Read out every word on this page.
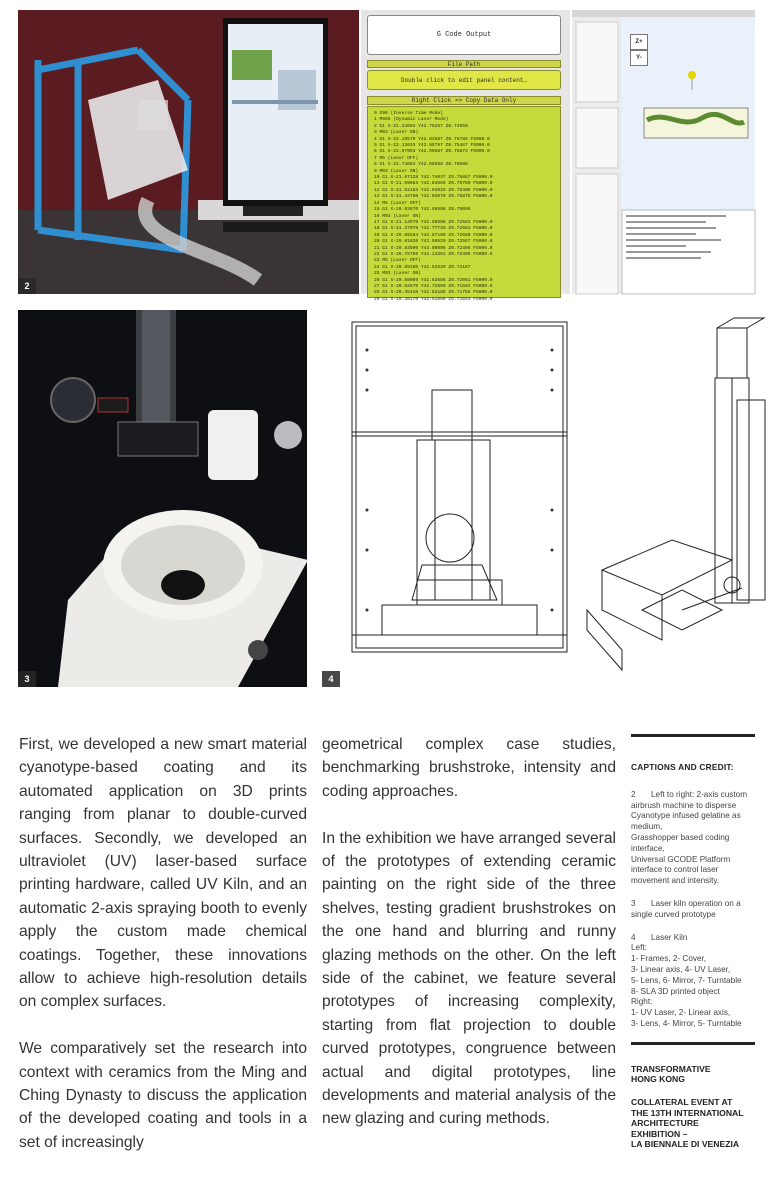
2
G Code Output
File Path
Double click to edit panel content…
Right Click => Copy Data Only
0 G90 (Inverse Time Mode)
1 M685 (Dynamic Laser Mode)
2 G1 X-21.24693 Y42.76257 Z0.74950
3 M03 (Laser ON)
4 G1 X-22.19570 Y42.83587 Z0.75786 F5000.0
5 G1 X-22.13033 Y42.95787 Z0.75487 F5000.0
6 G1 X-22.07093 Y42.99587 Z0.75873 F5000.0
7 M5 (Laser OFF)
8 G1 X-21.74683 Y42.68568 Z0.70586
9 M03 (Laser ON)
10 G1 X-21.87128 Y42.74037 Z0.75867 F5000.0
11 G1 X-21.59683 Y42.84568 Z0.75750 F5000.0
12 G1 X-21.52184 Y42.94019 Z0.75406 F5000.0
13 G1 X-21.44700 Y42.03070 Z0.75875 F5000.0
14 M5 (Laser OFF)
15 G1 X-20.83870 Y42.68598 Z0.79096
16 M03 (Laser ON)
17 G1 X-21.14970 Y42.68598 Z0.72583 F5000.0
18 G1 X-21.37070 Y42.77720 Z0.72683 F5000.0
19 G1 X-20.89284 Y42.87180 Z0.72680 F5000.0
20 G1 X-20.81620 Y42.96520 Z0.72567 F5000.0
21 G1 X-20.83590 Y43.05095 Z0.72486 F5000.0
22 G1 X-20.75750 Y43.13351 Z0.72406 F5000.0
23 M5 (Laser OFF)
24 G1 X-20.89180 Y42.62520 Z0.72167
25 M03 (Laser ON)
26 G1 X-20.60009 Y42.62586 Z0.72061 F5000.0
27 G1 X-20.52670 Y42.72600 Z0.71584 F5000.0
28 G1 X-20.45420 Y42.82186 Z0.71755 F5000.0
29 G1 X-20.38170 Y42.91688 Z0.71653 F5000.0
Z+
Y-
3	4

First, we developed a new smart material cyanotype-based coating and its automated application on 3D prints ranging from planar to double-curved surfaces. Secondly, we developed an ultraviolet (UV) laser-based surface printing hardware, called UV Kiln, and an automatic 2-axis spraying booth to evenly apply the custom made chemical coatings. Together, these innovations allow to achieve high-resolution details on complex surfaces.

We comparatively set the research into context with ceramics from the Ming and Ching Dynasty to discuss the application of the developed coating and tools in a set of increasingly

geometrical complex case studies, benchmarking brushstroke, intensity and coding approaches.

In the exhibition we have arranged several of the prototypes of extending ceramic painting on the right side of the three shelves, testing gradient brushstrokes on the one hand and blurring and runny glazing methods on the other. On the left side of the cabinet, we feature several prototypes of increasing complexity, starting from flat projection to double curved prototypes, congruence between actual and digital prototypes, line developments and material analysis of the new glazing and curing methods.

CAPTIONS AND CREDIT:
2 Left to right: 2-axis custom airbrush machine to disperse Cyanotype infused gelatine as medium,
Grasshopper based coding interface,
Universal GCODE Platform interface to control laser movement and intensity.
3 Laser kiln operation on a single curved prototype
4 Laser Kiln
Left:
1- Frames, 2- Cover,
3- Linear axis, 4- UV Laser,
5- Lens, 6- Mirror, 7- Turntable
8- SLA 3D printed object
Right:
1- UV Laser, 2- Linear axis,
3- Lens, 4- Mirror, 5- Turntable
TRANSFORMATIVE
HONG KONG
COLLATERAL EVENT AT
THE 13TH INTERNATIONAL
ARCHITECTURE
EXHIBITION –
LA BIENNALE DI VENEZIA
